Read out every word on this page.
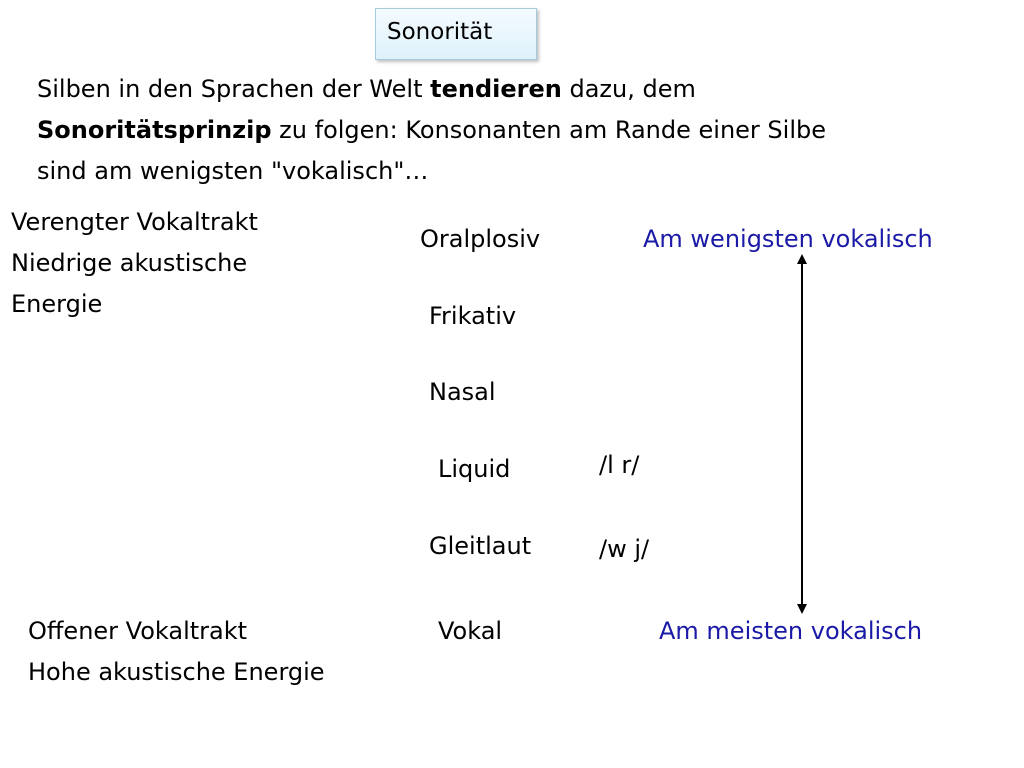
Sonorität
Silben in den Sprachen der Welt tendieren dazu, dem
Sonoritätsprinzip zu folgen: Konsonanten am Rande einer Silbe
sind am wenigsten "vokalisch"…
Verengter Vokaltrakt
Niedrige akustische
Energie
Offener Vokaltrakt
Hohe akustische Energie
Oralplosiv
Frikativ
Nasal
Liquid
Gleitlaut
Vokal
/l r/
/w j/
Am wenigsten vokalisch
Am meisten vokalisch
